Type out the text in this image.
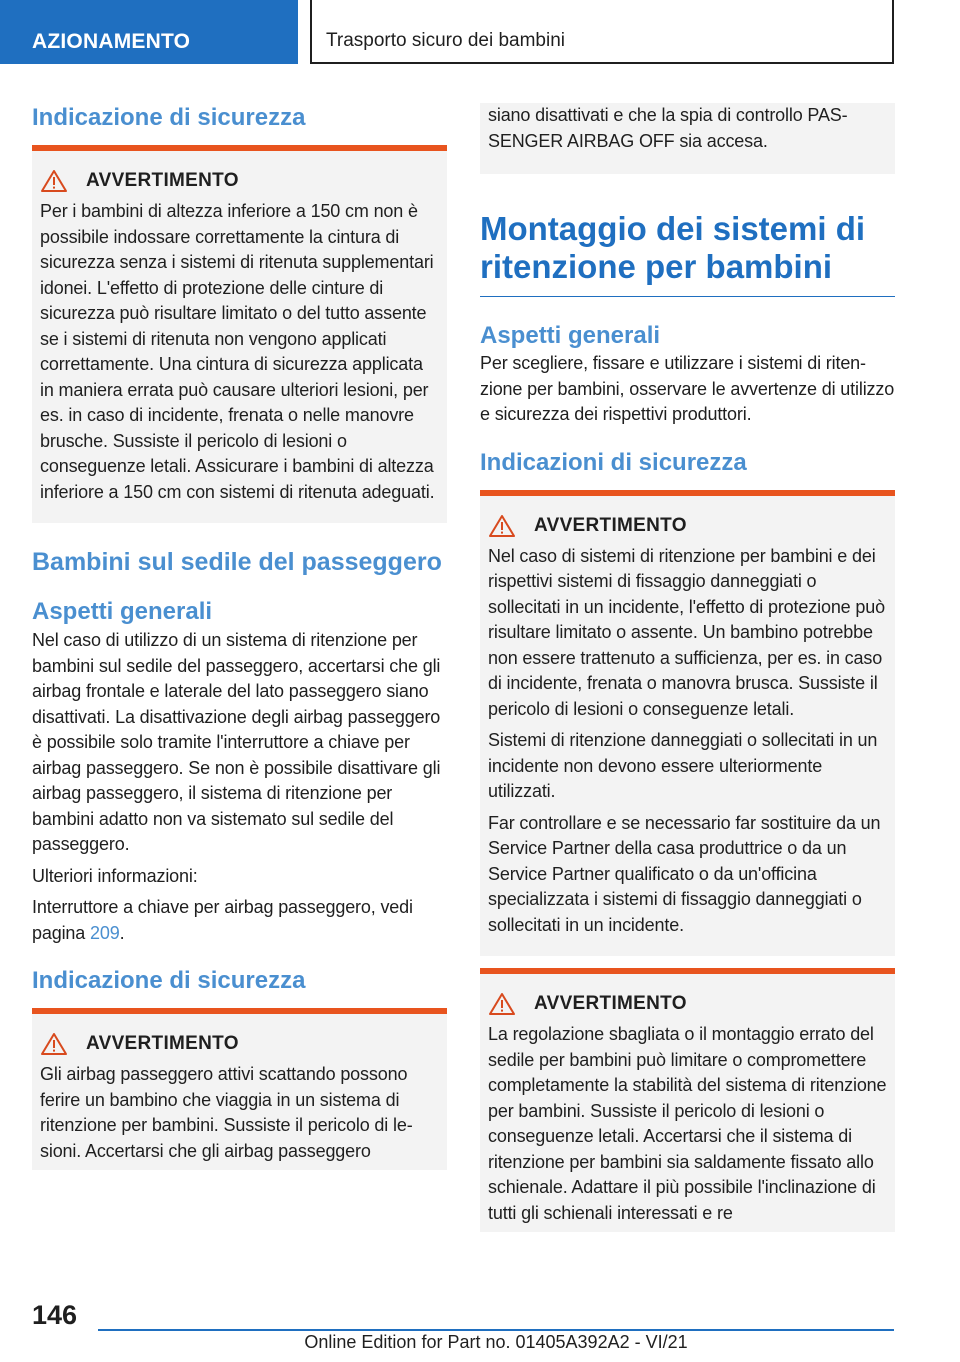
AZIONAMENTO	Trasporto sicuro dei bambini
Indicazione di sicurezza
AVVERTIMENTO

Per i bambini di altezza inferiore a 150 cm non è possibile indossare correttamente la cintura di sicurezza senza i sistemi di ritenuta supplementari idonei. L'effetto di protezione delle cinture di sicurezza può risultare limitato o del tutto assente se i sistemi di ritenuta non vengono applicati correttamente. Una cintura di sicurezza applicata in maniera errata può causare ulteriori lesioni, per es. in caso di incidente, frenata o nelle manovre brusche. Sussiste il pericolo di lesioni o conseguenze letali. Assicurare i bambini di altezza inferiore a 150 cm con sistemi di ritenuta adeguati.

Bambini sul sedile del passeggero
Aspetti generali

Nel caso di utilizzo di un sistema di ritenzione per bambini sul sedile del passeggero, accertarsi che gli airbag frontale e laterale del lato passeggero siano disattivati. La disattivazione degli airbag passeggero è possibile solo tramite l'interruttore a chiave per airbag passeggero. Se non è possibile disattivare gli airbag passeggero, il sistema di ritenzione per bambini adatto non va sistemato sul sedile del passeggero.

Ulteriori informazioni:

Interruttore a chiave per airbag passeggero, vedi pagina 209.

Indicazione di sicurezza
AVVERTIMENTO

Gli airbag passeggero attivi scattando possono ferire un bambino che viaggia in un sistema di ritenzione per bambini. Sussiste il pericolo di lesioni. Accertarsi che gli airbag passeggero

siano disattivati e che la spia di controllo PASSENGER AIRBAG OFF sia accesa.

Montaggio dei sistemi di ritenzione per bambini
Aspetti generali

Per scegliere, fissare e utilizzare i sistemi di ritenzione per bambini, osservare le avvertenze di utilizzo e sicurezza dei rispettivi produttori.

Indicazioni di sicurezza
AVVERTIMENTO

Nel caso di sistemi di ritenzione per bambini e dei rispettivi sistemi di fissaggio danneggiati o sollecitati in un incidente, l'effetto di protezione può risultare limitato o assente. Un bambino potrebbe non essere trattenuto a sufficienza, per es. in caso di incidente, frenata o manovra brusca. Sussiste il pericolo di lesioni o conseguenze letali.

Sistemi di ritenzione danneggiati o sollecitati in un incidente non devono essere ulteriormente utilizzati.

Far controllare e se necessario far sostituire da un Service Partner della casa produttrice o da un Service Partner qualificato o da un'officina specializzata i sistemi di fissaggio danneggiati o sollecitati in un incidente.

AVVERTIMENTO

La regolazione sbagliata o il montaggio errato del sedile per bambini può limitare o compromettere completamente la stabilità del sistema di ritenzione per bambini. Sussiste il pericolo di lesioni o conseguenze letali. Accertarsi che il sistema di ritenzione per bambini sia saldamente fissato allo schienale. Adattare il più possibile l'inclinazione di tutti gli schienali interessati e re

146
Online Edition for Part no. 01405A392A2 - VI/21
